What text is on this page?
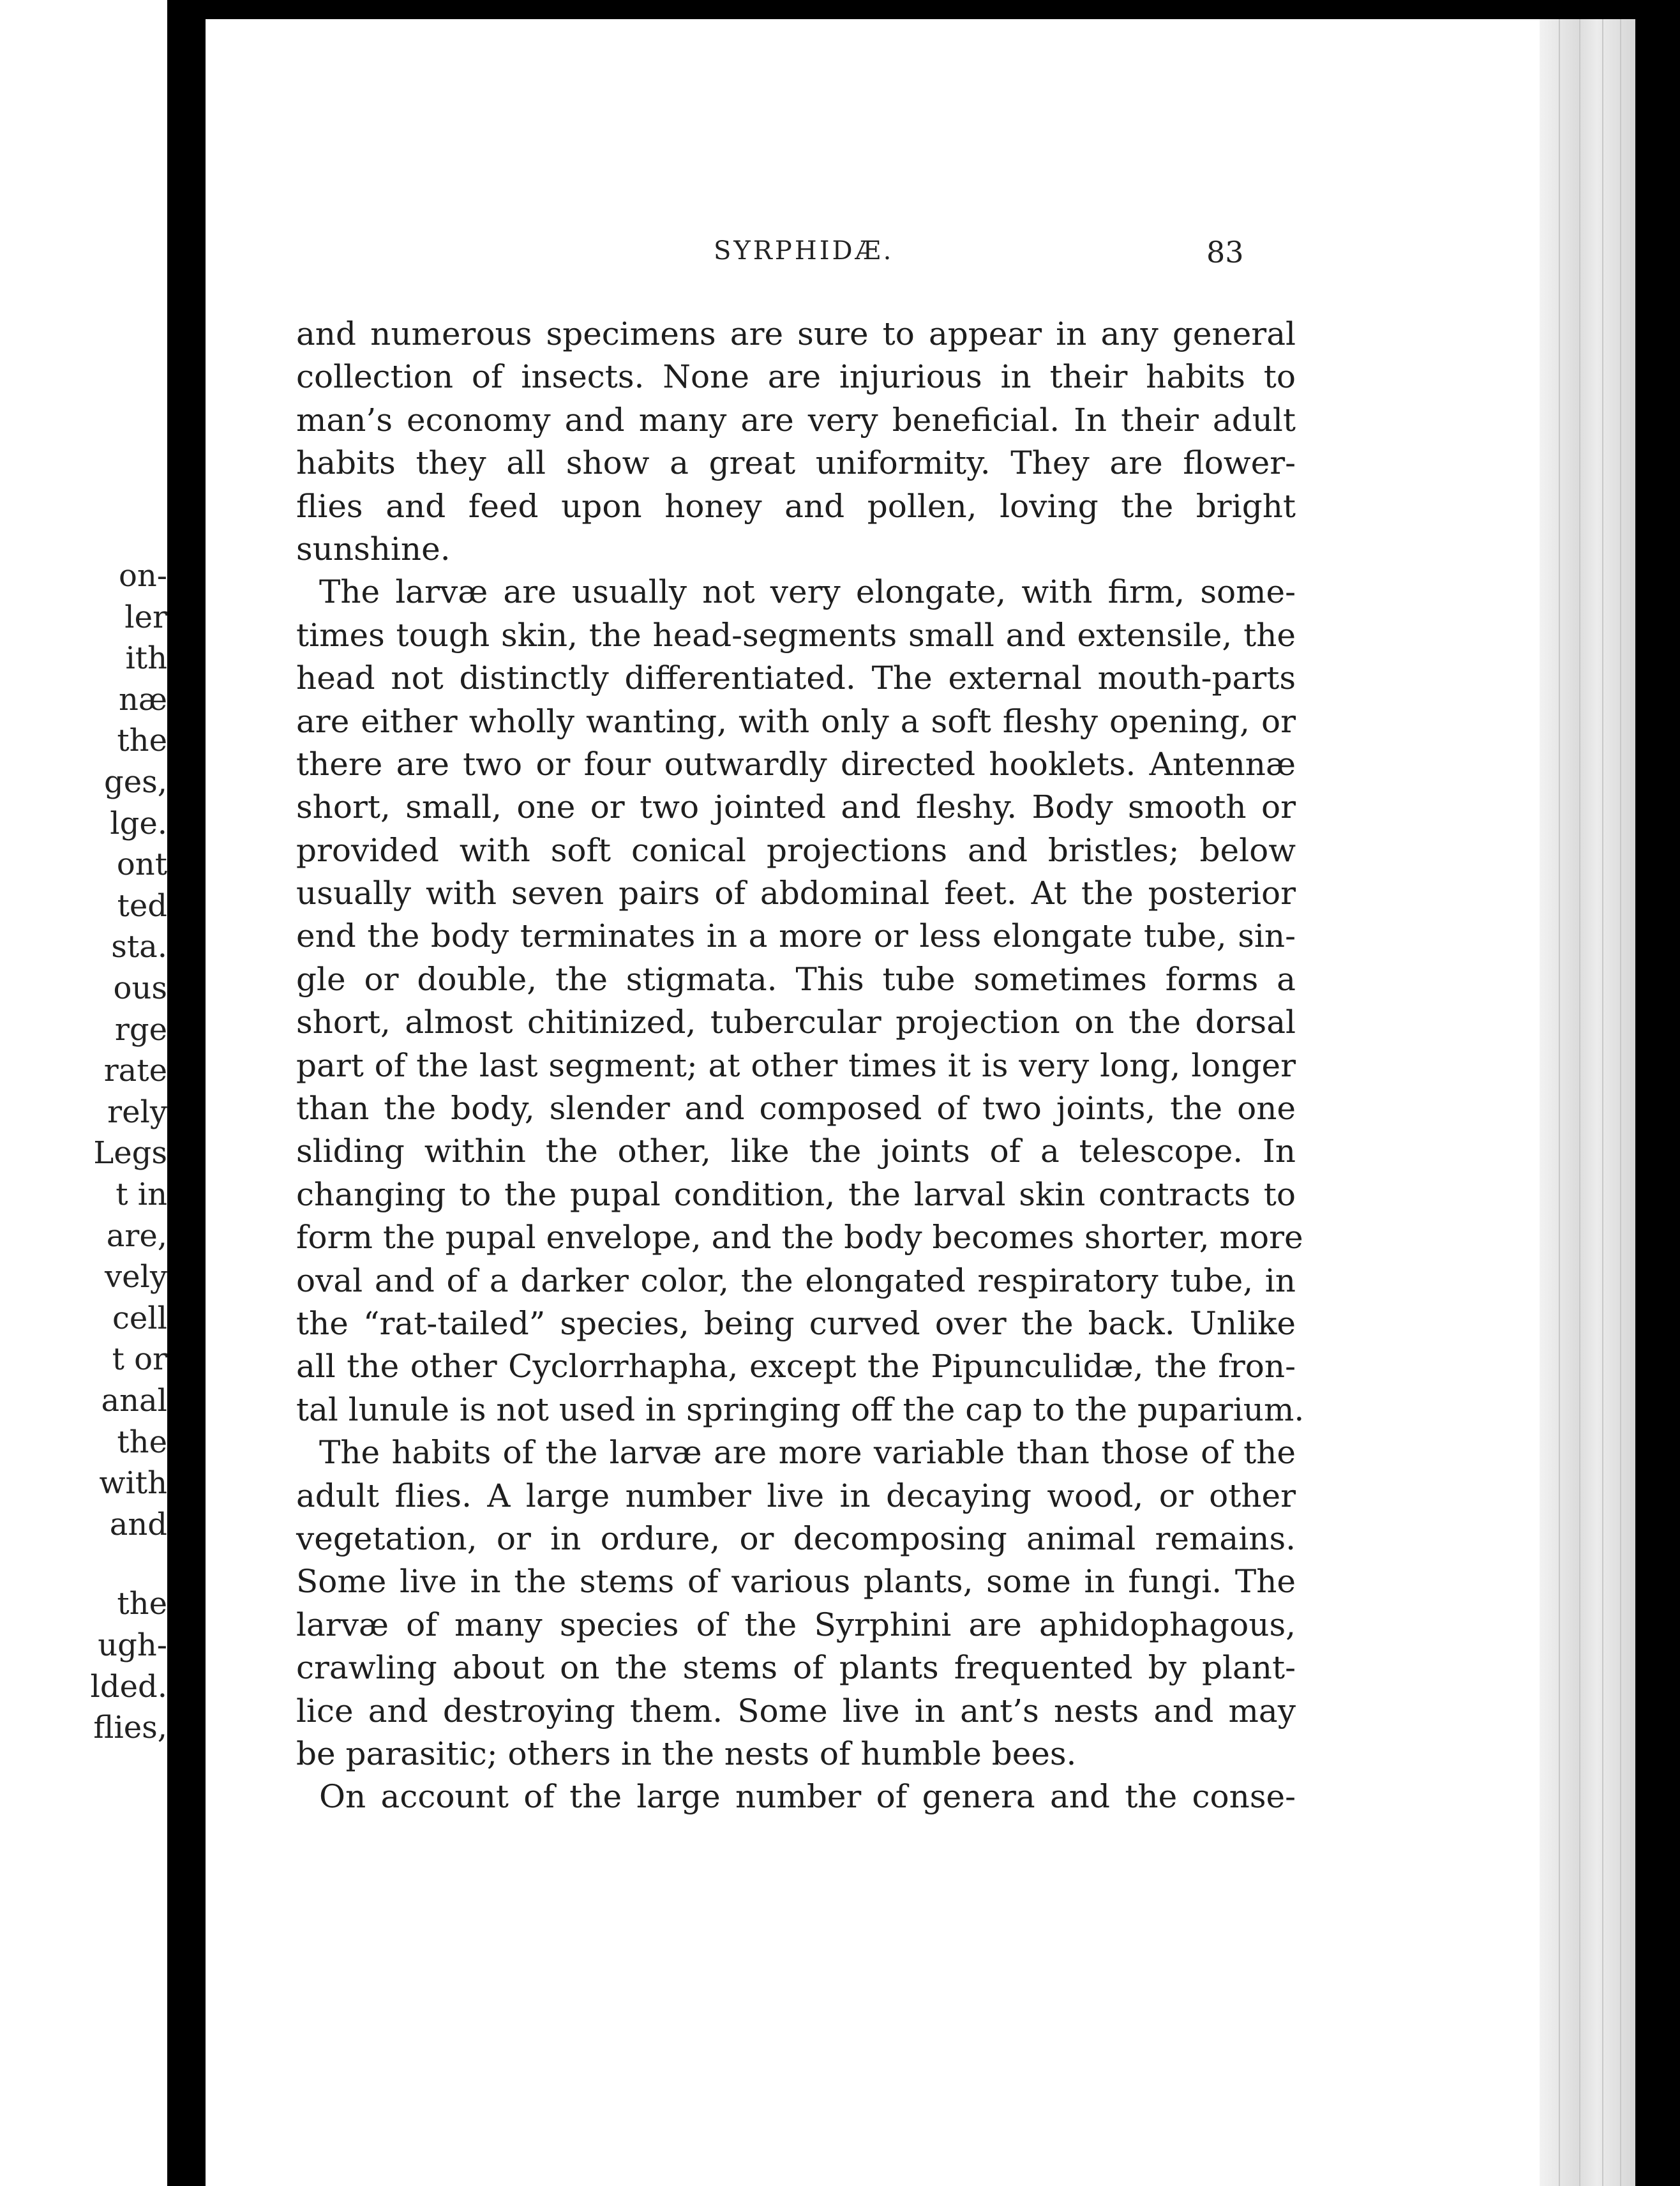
on-
ler
ith
næ
the
ges,
lge.
ont
ted
sta.
ous
rge
rate
rely
Legs
t in
are,
vely
cell
t or
anal
the
with
and
the
ugh-
lded.
flies,
SYRPHIDÆ.	83
and numerous specimens are sure to appear in any general
collection of insects. None are injurious in their habits to
man’s economy and many are very beneficial. In their adult
habits they all show a great uniformity. They are flower-
flies and feed upon honey and pollen, loving the bright
sunshine.
The larvæ are usually not very elongate, with firm, some-
times tough skin, the head-segments small and extensile, the
head not distinctly differentiated. The external mouth-parts
are either wholly wanting, with only a soft fleshy opening, or
there are two or four outwardly directed hooklets. Antennæ
short, small, one or two jointed and fleshy. Body smooth or
provided with soft conical projections and bristles; below
usually with seven pairs of abdominal feet. At the posterior
end the body terminates in a more or less elongate tube, sin-
gle or double, the stigmata. This tube sometimes forms a
short, almost chitinized, tubercular projection on the dorsal
part of the last segment; at other times it is very long, longer
than the body, slender and composed of two joints, the one
sliding within the other, like the joints of a telescope. In
changing to the pupal condition, the larval skin contracts to
form the pupal envelope, and the body becomes shorter, more
oval and of a darker color, the elongated respiratory tube, in
the “rat-tailed” species, being curved over the back. Unlike
all the other Cyclorrhapha, except the Pipunculidæ, the fron-
tal lunule is not used in springing off the cap to the puparium.
The habits of the larvæ are more variable than those of the
adult flies. A large number live in decaying wood, or other
vegetation, or in ordure, or decomposing animal remains.
Some live in the stems of various plants, some in fungi. The
larvæ of many species of the Syrphini are aphidophagous,
crawling about on the stems of plants frequented by plant-
lice and destroying them. Some live in ant’s nests and may
be parasitic; others in the nests of humble bees.
On account of the large number of genera and the conse-
